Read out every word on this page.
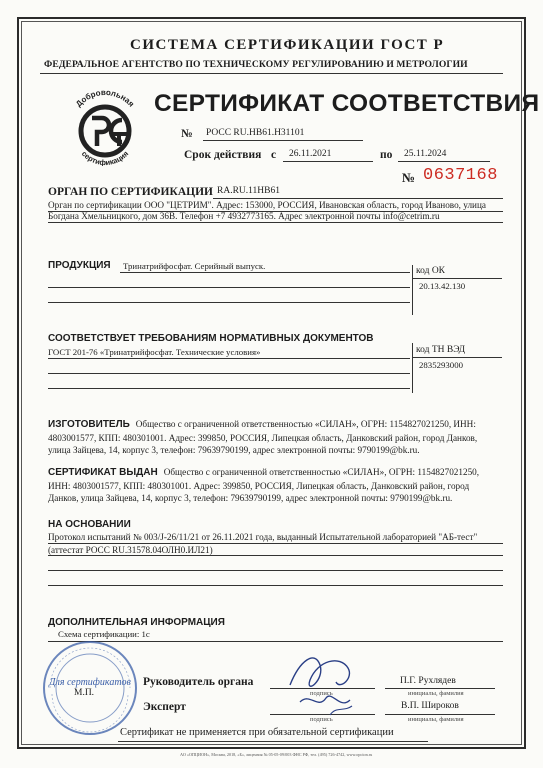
СИСТЕМА СЕРТИФИКАЦИИ ГОСТ Р
ФЕДЕРАЛЬНОЕ АГЕНТСТВО ПО ТЕХНИЧЕСКОМУ РЕГУЛИРОВАНИЮ И МЕТРОЛОГИИ
Добровольная
сертификация
СЕРТИФИКАТ СООТВЕТСТВИЯ
№ РОСС RU.HB61.H31101
Срок действия с 26.11.2021	по 25.11.2024
№ 0637168
ОРГАН ПО СЕРТИФИКАЦИИ RA.RU.11HB61
Орган по сертификации ООО "ЦЕТРИМ". Адрес: 153000, РОССИЯ, Ивановская область, город Иваново, улица Богдана Хмельницкого, дом 36В. Телефон +7 4932773165. Адрес электронной почты info@cetrim.ru
ПРОДУКЦИЯ Тринатрийфосфат. Серийный выпуск.	код ОК
20.13.42.130
СООТВЕТСТВУЕТ ТРЕБОВАНИЯМ НОРМАТИВНЫХ ДОКУМЕНТОВ
ГОСТ 201-76 «Тринатрийфосфат. Технические условия»	код ТН ВЭД
2835293000
ИЗГОТОВИТЕЛЬ Общество с ограниченной ответственностью «СИЛАН», ОГРН: 1154827021250, ИНН: 4803001577, КПП: 480301001. Адрес: 399850, РОССИЯ, Липецкая область, Данковский район, город Данков, улица Зайцева, 14, корпус 3, телефон: 79639790199, адрес электронной почты: 9790199@bk.ru.
СЕРТИФИКАТ ВЫДАН Общество с ограниченной ответственностью «СИЛАН», ОГРН: 1154827021250, ИНН: 4803001577, КПП: 480301001. Адрес: 399850, РОССИЯ, Липецкая область, Данковский район, город Данков, улица Зайцева, 14, корпус 3, телефон: 79639790199, адрес электронной почты: 9790199@bk.ru.
НА ОСНОВАНИИ
Протокол испытаний № 003/J-26/11/21 от 26.11.2021 года, выданный Испытательной лабораторией "АБ-тест" (аттестат РОСС RU.31578.04ОЛН0.ИЛ21)
ДОПОЛНИТЕЛЬНАЯ ИНФОРМАЦИЯ
Схема сертификации: 1с
Для сертификатов
М.П.
Руководитель органа
подпись
П.Г. Рухлядев
инициалы, фамилия
Эксперт
подпись
В.П. Широков
инициалы, фамилия
Сертификат не применяется при обязательной сертификации
АО «ОПЦИОН», Москва, 2018, «Б», лицензия № 05-05-09/003 ФНС РФ, тел. (495) 726-4742, www.opcion.ru
